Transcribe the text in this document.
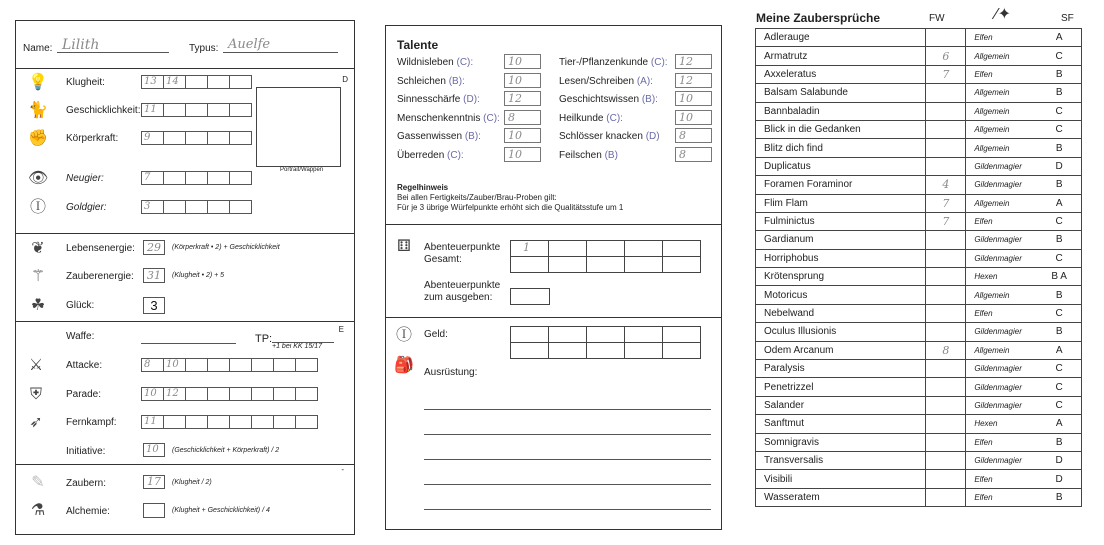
Name: Lilith	Typus: Auelfe
D
💡 Klugheit:	13 14
🐈 Geschicklichkeit: 11
✊ Körperkraft:	9
👁 Neugier:	7
Ⓘ Goldgier:	3
Portrait/Wappen
❦	Lebensenergie:	29	(Körperkraft • 2) + Geschicklichkeit
⚚ Zauberenergie:	31	(Klugheit • 2) + 5
☘ Glück:	3
E
Waffe:	TP:
+1 bei KK 15/17
⚔ Attacke:	8	10
⛨	Parade:	10 12
➶	Fernkampf:	11
Initiative:	10	(Geschicklichkeit + Körperkraft) / 2
-
✎	Zaubern:	17	(Klugheit / 2)
⚗ Alchemie:	(Klugheit + Geschicklichkeit) / 4
Talente
Wildnisleben (C):	10
Schleichen (B):	10
Sinnesschärfe (D):	12
Menschenkenntnis (C): 8
Gassenwissen (B):	10
Überreden (C):	10
Tier-/Pflanzenkunde (C):	12
Lesen/Schreiben (A):	12
Geschichtswissen (B):	10
Heilkunde (C):	10
Schlösser knacken (D)	8
Feilschen (B)	8
Regelhinweis
Bei allen Fertigkeits/Zauber/Brau-Proben gilt:
Für je 3 übrige Würfelpunkte erhöht sich die Qualitätsstufe um 1
⚅	Abenteuerpunkte
Gesamt:
1
Abenteuerpunkte
zum ausgeben:
Ⓘ Geld:
🎒 Ausrüstung:
Meine Zaubersprüche	FW	⁄✦	SF
Adlerauge		Elfen	A
Armatrutz	6	Allgemein	C
Axxeleratus	7	Elfen	B
Balsam Salabunde		Allgemein	B
Bannbaladin		Allgemein	C
Blick in die Gedanken		Allgemein	C
Blitz dich find		Allgemein	B
Duplicatus		Gildenmagier	D
Foramen Foraminor	4	Gildenmagier	B
Flim Flam	7	Allgemein	A
Fulminictus	7	Elfen	C
Gardianum		Gildenmagier	B
Horriphobus		Gildenmagier	C
Krötensprung		Hexen	B A
Motoricus		Allgemein	B
Nebelwand		Elfen	C
Oculus Illusionis		Gildenmagier	B
Odem Arcanum	8	Allgemein	A
Paralysis		Gildenmagier	C
Penetrizzel		Gildenmagier	C
Salander		Gildenmagier	C
Sanftmut		Hexen	A
Somnigravis		Elfen	B
Transversalis		Gildenmagier	D
Visibili		Elfen	D
Wasseratem		Elfen	B
